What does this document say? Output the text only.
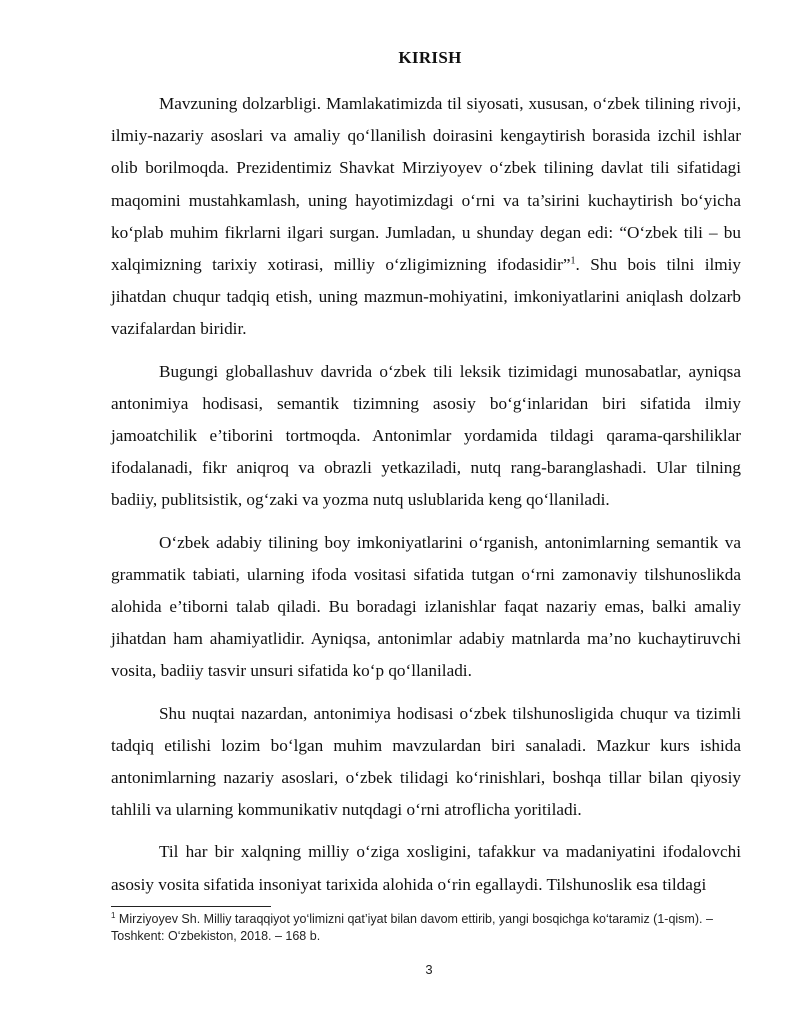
KIRISH

Mavzuning dolzarbligi. Mamlakatimizda til siyosati, xususan, o‘zbek tilining rivoji, ilmiy-nazariy asoslari va amaliy qo‘llanilish doirasini kengaytirish borasida izchil ishlar olib borilmoqda. Prezidentimiz Shavkat Mirziyoyev o‘zbek tilining davlat tili sifatidagi maqomini mustahkamlash, uning hayotimizdagi o‘rni va ta’sirini kuchaytirish bo‘yicha ko‘plab muhim fikrlarni ilgari surgan. Jumladan, u shunday degan edi: “O‘zbek tili – bu xalqimizning tarixiy xotirasi, milliy o‘zligimizning ifodasidir”$^1$. Shu bois tilni ilmiy jihatdan chuqur tadqiq etish, uning mazmun-mohiyatini, imkoniyatlarini aniqlash dolzarb vazifalardan biridir.

Bugungi globallashuv davrida o‘zbek tili leksik tizimidagi munosabatlar, ayniqsa antonimiya hodisasi, semantik tizimning asosiy bo‘g‘inlaridan biri sifatida ilmiy jamoatchilik e’tiborini tortmoqda. Antonimlar yordamida tildagi qarama-qarshiliklar ifodalanadi, fikr aniqroq va obrazli yetkaziladi, nutq rang-baranglashadi. Ular tilning badiiy, publitsistik, og‘zaki va yozma nutq uslublarida keng qo‘llaniladi.

O‘zbek adabiy tilining boy imkoniyatlarini o‘rganish, antonimlarning semantik va grammatik tabiati, ularning ifoda vositasi sifatida tutgan o‘rni zamonaviy tilshunoslikda alohida e’tiborni talab qiladi. Bu boradagi izlanishlar faqat nazariy emas, balki amaliy jihatdan ham ahamiyatlidir. Ayniqsa, antonimlar adabiy matnlarda ma’no kuchaytiruvchi vosita, badiiy tasvir unsuri sifatida ko‘p qo‘llaniladi.

Shu nuqtai nazardan, antonimiya hodisasi o‘zbek tilshunosligida chuqur va tizimli tadqiq etilishi lozim bo‘lgan muhim mavzulardan biri sanaladi. Mazkur kurs ishida antonimlarning nazariy asoslari, o‘zbek tilidagi ko‘rinishlari, boshqa tillar bilan qiyosiy tahlili va ularning kommunikativ nutqdagi o‘rni atroflicha yoritiladi.

Til har bir xalqning milliy o‘ziga xosligini, tafakkur va madaniyatini ifodalovchi asosiy vosita sifatida insoniyat tarixida alohida o‘rin egallaydi. Tilshunoslik esa tildagi

$^1$ Mirziyoyev Sh. Milliy taraqqiyot yo‘limizni qat’iyat bilan davom ettirib, yangi bosqichga ko‘taramiz (1-qism). – Toshkent: O‘zbekiston, 2018. – 168 b.
3
